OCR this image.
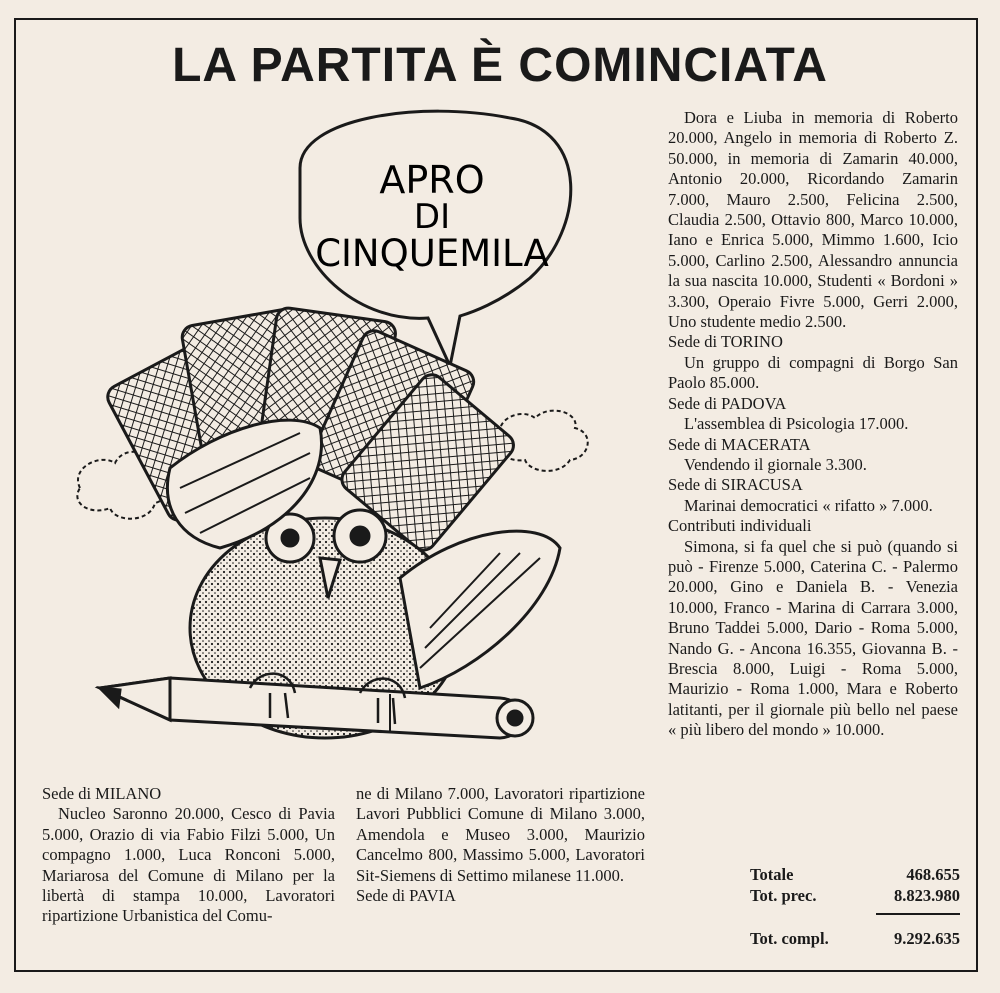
LA PARTITA È COMINCIATA
APRO
DI
CINQUEMILA

Dora e Liuba in memoria di Roberto 20.000, Angelo in memoria di Roberto Z. 50.000, in memoria di Zamarin 40.000, Antonio 20.000, Ricordando Zamarin 7.000, Mauro 2.500, Felicina 2.500, Claudia 2.500, Ottavio 800, Marco 10.000, Iano e Enrica 5.000, Mimmo 1.600, Icio 5.000, Carlino 2.500, Alessandro annuncia la sua nascita 10.000, Studenti « Bordoni » 3.300, Operaio Fivre 5.000, Gerri 2.000, Uno studente medio 2.500.

Sede di TORINO

Un gruppo di compagni di Borgo San Paolo 85.000.

Sede di PADOVA

L'assemblea di Psicologia 17.000.

Sede di MACERATA

Vendendo il giornale 3.300.

Sede di SIRACUSA

Marinai democratici « rifatto » 7.000.

Contributi individuali

Simona, si fa quel che si può (quando si può - Firenze 5.000, Caterina C. - Palermo 20.000, Gino e Daniela B. - Venezia 10.000, Franco - Marina di Carrara 3.000, Bruno Taddei 5.000, Dario - Roma 5.000, Nando G. - Ancona 16.355, Giovanna B. - Brescia 8.000, Luigi - Roma 5.000, Maurizio - Roma 1.000, Mara e Roberto latitanti, per il giornale più bello nel paese « più libero del mondo » 10.000.

Totale	468.655
Tot. prec.	8.823.980
Tot. compl.	9.292.635

Sede di MILANO

Nucleo Saronno 20.000, Cesco di Pavia 5.000, Orazio di via Fabio Filzi 5.000, Un compagno 1.000, Luca Ronconi 5.000, Mariarosa del Comune di Milano per la libertà di stampa 10.000, Lavoratori ripartizione Urbanistica del Comu-

ne di Milano 7.000, Lavoratori ripartizione Lavori Pubblici Comune di Milano 3.000, Amendola e Museo 3.000, Maurizio Cancelmo 800, Massimo 5.000, Lavoratori Sit-Siemens di Settimo milanese 11.000.

Sede di PAVIA
